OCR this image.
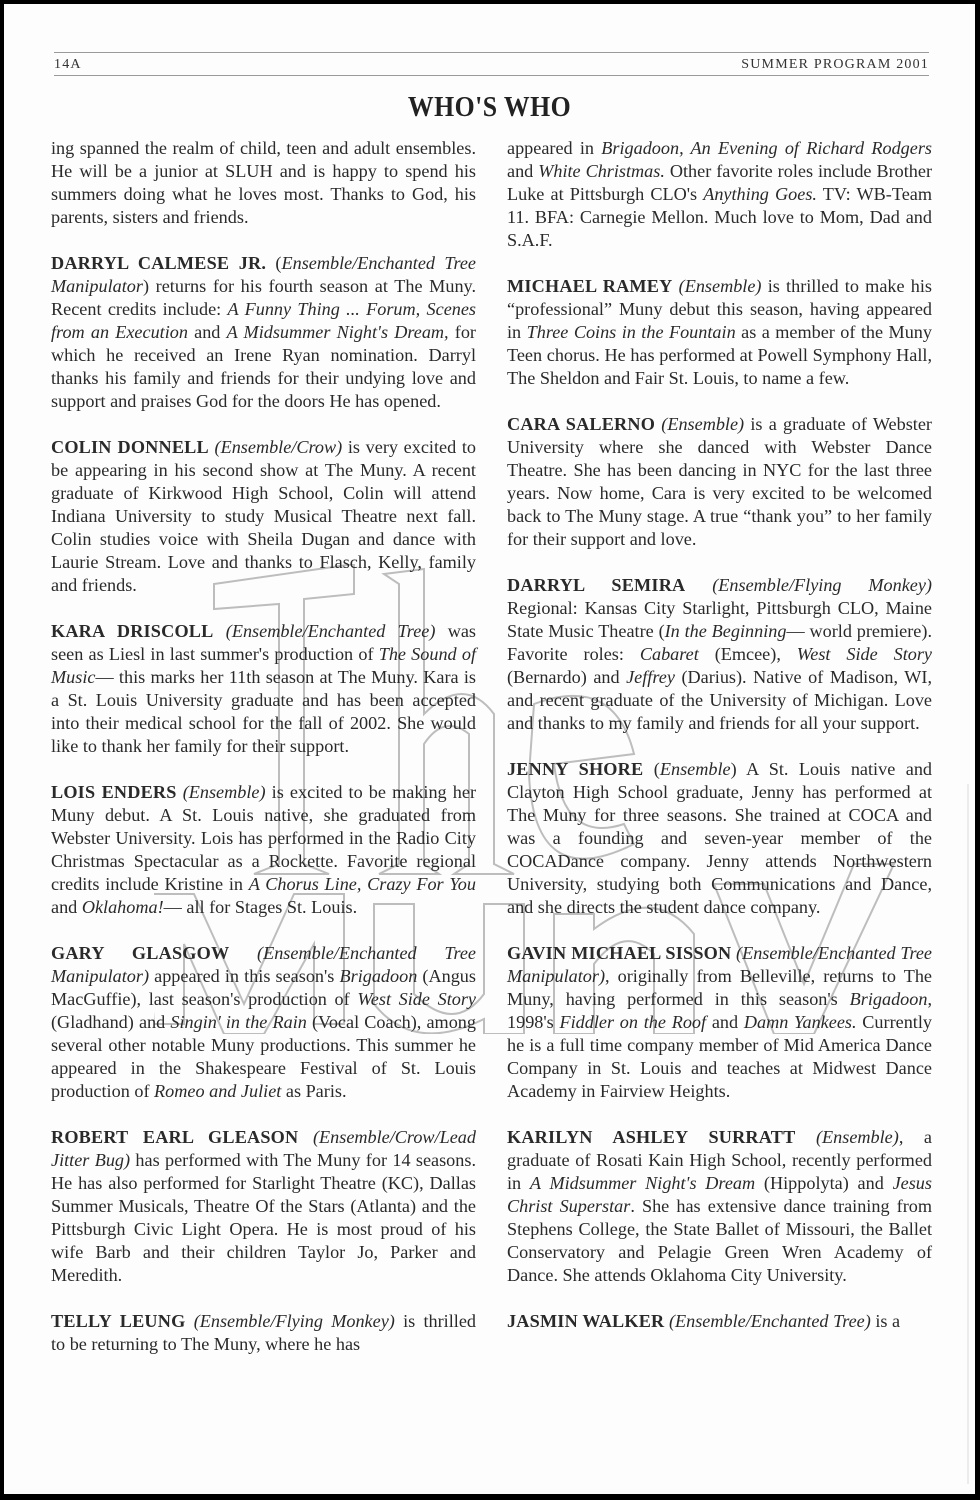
14A	SUMMER PROGRAM 2001
WHO'S WHO

ing spanned the realm of child, teen and adult ensembles. He will be a junior at SLUH and is happy to spend his summers doing what he loves most. Thanks to God, his parents, sisters and friends.

DARRYL CALMESE JR. (Ensemble/Enchanted Tree Manipulator) returns for his fourth season at The Muny. Recent credits include: A Funny Thing ... Forum, Scenes from an Execution and A Midsummer Night's Dream, for which he received an Irene Ryan nomination. Darryl thanks his family and friends for their undying love and support and praises God for the doors He has opened.

COLIN DONNELL (Ensemble/Crow) is very excited to be appearing in his second show at The Muny. A recent graduate of Kirkwood High School, Colin will attend Indiana University to study Musical Theatre next fall. Colin studies voice with Sheila Dugan and dance with Laurie Stream. Love and thanks to Flasch, Kelly, family and friends.

KARA DRISCOLL (Ensemble/Enchanted Tree) was seen as Liesl in last summer's production of The Sound of Music— this marks her 11th season at The Muny. Kara is a St. Louis University graduate and has been accepted into their medical school for the fall of 2002. She would like to thank her family for their support.

LOIS ENDERS (Ensemble) is excited to be making her Muny debut. A St. Louis native, she graduated from Webster University. Lois has performed in the Radio City Christmas Spectacular as a Rockette. Favorite regional credits include Kristine in A Chorus Line, Crazy For You and Oklahoma!— all for Stages St. Louis.

GARY GLASGOW (Ensemble/Enchanted Tree Manipulator) appeared in this season's Brigadoon (Angus MacGuffie), last season's production of West Side Story (Gladhand) and Singin' in the Rain (Vocal Coach), among several other notable Muny productions. This summer he appeared in the Shakespeare Festival of St. Louis production of Romeo and Juliet as Paris.

ROBERT EARL GLEASON (Ensemble/Crow/Lead Jitter Bug) has performed with The Muny for 14 seasons. He has also performed for Starlight Theatre (KC), Dallas Summer Musicals, Theatre Of the Stars (Atlanta) and the Pittsburgh Civic Light Opera. He is most proud of his wife Barb and their children Taylor Jo, Parker and Meredith.

TELLY LEUNG (Ensemble/Flying Monkey) is thrilled to be returning to The Muny, where he has

appeared in Brigadoon, An Evening of Richard Rodgers and White Christmas. Other favorite roles include Brother Luke at Pittsburgh CLO's Anything Goes. TV: WB-Team 11. BFA: Carnegie Mellon. Much love to Mom, Dad and S.A.F.

MICHAEL RAMEY (Ensemble) is thrilled to make his “professional” Muny debut this season, having appeared in Three Coins in the Fountain as a member of the Muny Teen chorus. He has performed at Powell Symphony Hall, The Sheldon and Fair St. Louis, to name a few.

CARA SALERNO (Ensemble) is a graduate of Webster University where she danced with Webster Dance Theatre. She has been dancing in NYC for the last three years. Now home, Cara is very excited to be welcomed back to The Muny stage. A true “thank you” to her family for their support and love.

DARRYL SEMIRA (Ensemble/Flying Monkey) Regional: Kansas City Starlight, Pittsburgh CLO, Maine State Music Theatre (In the Beginning— world premiere). Favorite roles: Cabaret (Emcee), West Side Story (Bernardo) and Jeffrey (Darius). Native of Madison, WI, and recent graduate of the University of Michigan. Love and thanks to my family and friends for all your support.

JENNY SHORE (Ensemble) A St. Louis native and Clayton High School graduate, Jenny has performed at The Muny for three seasons. She trained at COCA and was a founding and seven-year member of the COCADance company. Jenny attends Northwestern University, studying both Communications and Dance, and she directs the student dance company.

GAVIN MICHAEL SISSON (Ensemble/Enchanted Tree Manipulator), originally from Belleville, returns to The Muny, having performed in this season's Brigadoon, 1998's Fiddler on the Roof and Damn Yankees. Currently he is a full time company member of Mid America Dance Company in St. Louis and teaches at Midwest Dance Academy in Fairview Heights.

KARILYN ASHLEY SURRATT (Ensemble), a graduate of Rosati Kain High School, recently performed in A Midsummer Night's Dream (Hippolyta) and Jesus Christ Superstar. She has extensive dance training from Stephens College, the State Ballet of Missouri, the Ballet Conservatory and Pelagie Green Wren Academy of Dance. She attends Oklahoma City University.

JASMIN WALKER (Ensemble/Enchanted Tree) is a
